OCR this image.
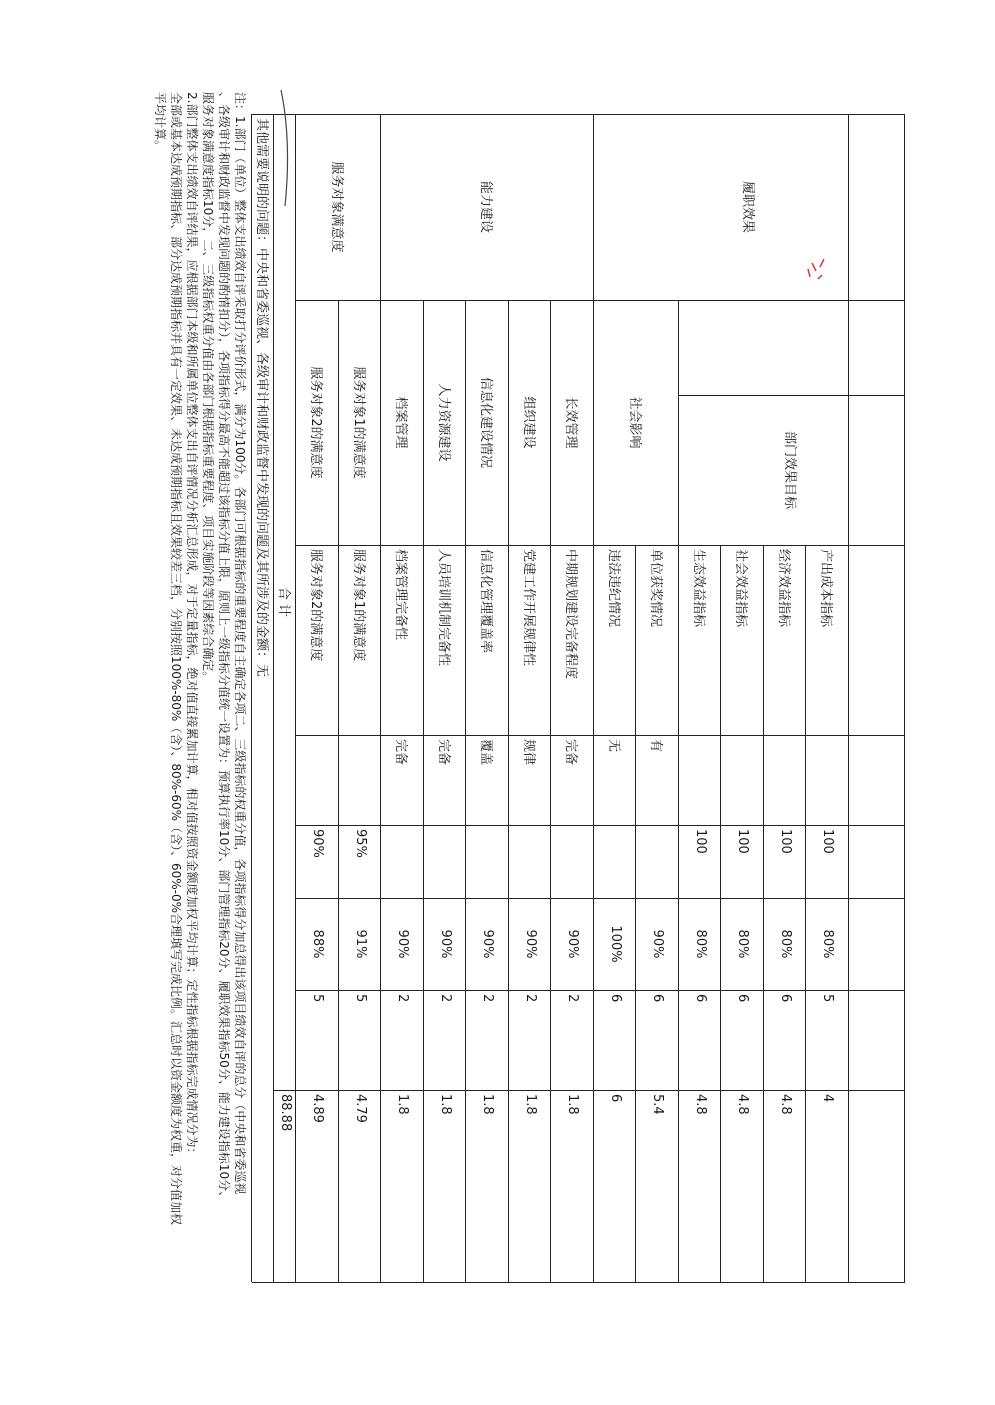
履职效果
能力建设
服务对象满意度
部门效果目标
社会影响
长效管理
组织建设
信息化建设情况
人力资源建设
档案管理
服务对象1的满意度
服务对象2的满意度
产出成本指标
100
80%
5
4
经济效益指标
100
80%
6
4.8
社会效益指标
100
80%
6
4.8
生态效益指标
100
80%
6
4.8
单位获奖情况
有
90%
6
5.4
违法违纪情况
无
100%
6
6
中期规划建设完备程度
完备
90%
2
1.8
党建工作开展规律性
规律
90%
2
1.8
信息化管理覆盖率
覆盖
90%
2
1.8
人员培训机制完备性
完备
90%
2
1.8
档案管理完备性
完备
90%
2
1.8
服务对象1的满意度
95%
91%
5
4.79
服务对象2的满意度
90%
88%
5
4.89
合 计
88.88
其他需要说明的问题：中央和省委巡视、各级审计和财政监督中发现的问题及其所涉及的金额：无
注：1.部门（单位）整体支出绩效自评采取打分评价形式，满分为100分。各部门可根据指标的重要程度自主确定各项二、三级指标的权重分值，各项指标得分加总得出该项目绩效自评的总分（中央和省委巡视
、各级审计和财政监督中发现问题的酌情扣分），各项指标得分最高不能超过该指标分值上限，原则上一级指标分值统一设置为：预算执行率10分、部门管理指标20分、履职效果指标50分、能力建设指标10分、
服务对象满意度指标10分，二、三级指标权重分值由各部门根据指标重要程度、项目实施阶段等因素综合确定。
2.部门整体支出绩效自评结果，应根据部门本级和所属单位整体支出自评情况分析汇总形成，对于定量指标，绝对值直接累加计算，相对值按照资金额度加权平均计算；定性指标根据指标完成情况分为：
全部或基本达成预期指标、部分达成预期指标并具有一定效果、未达成预期指标且效果较差三档，分别按照100%-80%（含）、80%-60%（含）、60%-0%合理填写完成比例。汇总时以资金额度为权重，对分值加权
平均计算。
